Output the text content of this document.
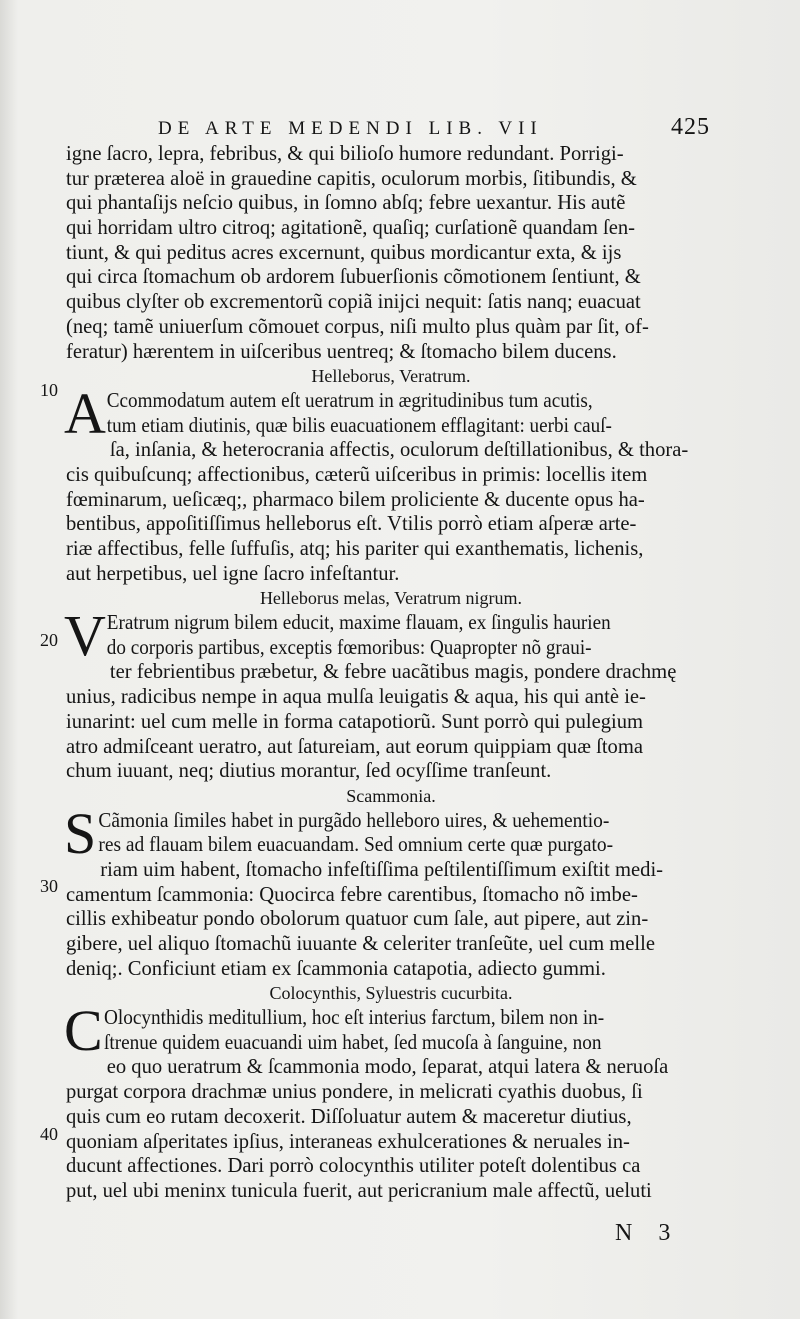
DE ARTE MEDENDI LIB. VII	425
10
20
30
40
igne ſacro, lepra, febribus, & qui bilioſo humore redundant. Porrigi-
tur præterea aloë in grauedine capitis, oculorum morbis, ſitibundis, &
qui phantaſijs neſcio quibus, in ſomno abſq; febre uexantur. His autẽ
qui horridam ultro citroq; agitationẽ, quaſiq; curſationẽ quandam ſen-
tiunt, & qui peditus acres excernunt, quibus mordicantur exta, & ijs
qui circa ſtomachum ob ardorem ſubuerſionis cõmotionem ſentiunt, &
quibus clyſter ob excrementorũ copiã inijci nequit: ſatis nanq; euacuat
(neq; tamẽ uniuerſum cõmouet corpus, niſi multo plus quàm par ſit, of-
feratur) hærentem in uiſceribus uentreq; & ſtomacho bilem ducens.
Helleborus, Veratrum.
A Ccommodatum autem eſt ueratrum in ægritudinibus tum acutis,
tum etiam diutinis, quæ bilis euacuationem efflagitant: uerbi cauſ-
ſa, inſania, & heterocrania affectis, oculorum deſtillationibus, & thora-
cis quibuſcunq; affectionibus, cæterũ uiſceribus in primis: locellis item
fœminarum, ueſicæq;, pharmaco bilem proliciente & ducente opus ha-
bentibus, appoſitiſſimus helleborus eſt. Vtilis porrò etiam aſperæ arte-
riæ affectibus, felle ſuffuſis, atq; his pariter qui exanthematis, lichenis,
aut herpetibus, uel igne ſacro infeſtantur.
Helleborus melas, Veratrum nigrum.
V Eratrum nigrum bilem educit, maxime flauam, ex ſingulis haurien
do corporis partibus, exceptis fœmoribus: Quapropter nõ graui-
ter febrientibus præbetur, & febre uacãtibus magis, pondere drachmę
unius, radicibus nempe in aqua mulſa leuigatis & aqua, his qui antè ie-
iunarint: uel cum melle in forma catapotiorũ. Sunt porrò qui pulegium
atro admiſceant ueratro, aut ſatureiam, aut eorum quippiam quæ ſtoma
chum iuuant, neq; diutius morantur, ſed ocyſſime tranſeunt.
Scammonia.
S Cãmonia ſimiles habet in purgãdo helleboro uires, & uehementio-
res ad flauam bilem euacuandam. Sed omnium certe quæ purgato-
riam uim habent, ſtomacho infeſtiſſima peſtilentiſſimum exiſtit medi-
camentum ſcammonia: Quocirca febre carentibus, ſtomacho nõ imbe-
cillis exhibeatur pondo obolorum quatuor cum ſale, aut pipere, aut zin-
gibere, uel aliquo ſtomachũ iuuante & celeriter tranſeũte, uel cum melle
deniq;. Conficiunt etiam ex ſcammonia catapotia, adiecto gummi.
Colocynthis, Syluestris cucurbita.
C Olocynthidis meditullium, hoc eſt interius farctum, bilem non in-
ſtrenue quidem euacuandi uim habet, ſed mucoſa à ſanguine, non
eo quo ueratrum & ſcammonia modo, ſeparat, atqui latera & neruoſa
purgat corpora drachmæ unius pondere, in melicrati cyathis duobus, ſi
quis cum eo rutam decoxerit. Diſſoluatur autem & maceretur diutius,
quoniam aſperitates ipſius, interaneas exhulcerationes & neruales in-
ducunt affectiones. Dari porrò colocynthis utiliter poteſt dolentibus ca
put, uel ubi meninx tunicula fuerit, aut pericranium male affectũ, ueluti
N 3
